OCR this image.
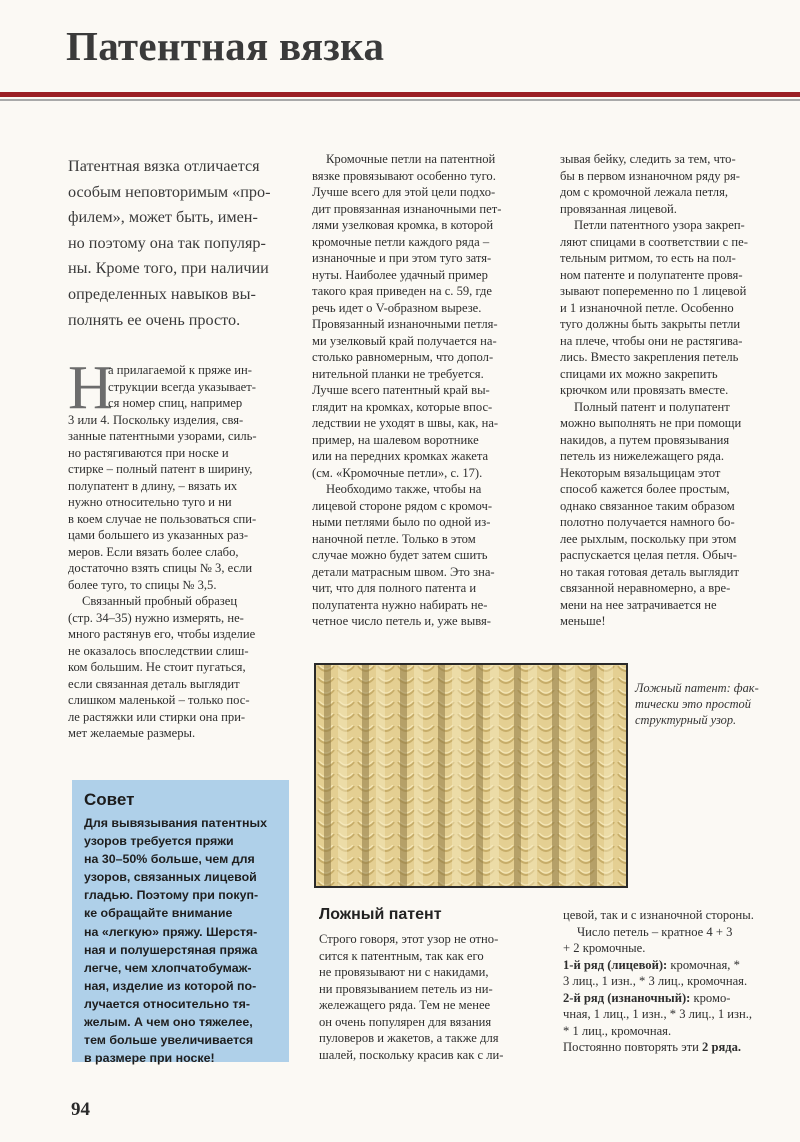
Патентная вязка

Патентная вязка отличается

особым неповторимым «про-

филем», может быть, имен-

но поэтому она так популяр-

ны. Кроме того, при наличии

определенных навыков вы-

полнять ее очень просто.

Н
а прилагаемой к пряже ин-
струкции всегда указывает-
ся номер спиц, например
3 или 4. Поскольку изделия, свя-
занные патентными узорами, силь-
но растягиваются при носке и
стирке – полный патент в ширину,
полупатент в длину, – вязать их
нужно относительно туго и ни
в коем случае не пользоваться спи-
цами большего из указанных раз-
меров. Если вязать более слабо,
достаточно взять спицы № 3, если
более туго, то спицы № 3,5.
Связанный пробный образец
(стр. 34–35) нужно измерять, не-
много растянув его, чтобы изделие
не оказалось впоследствии слиш-
ком большим. Не стоит пугаться,
если связанная деталь выглядит
слишком маленькой – только пос-
ле растяжки или стирки она при-
мет желаемые размеры.

Кромочные петли на патентной

вязке провязывают особенно туго.

Лучше всего для этой цели подхо-

дит провязанная изнаночными пет-

лями узелковая кромка, в которой

кромочные петли каждого ряда –

изнаночные и при этом туго затя-

нуты. Наиболее удачный пример

такого края приведен на с. 59, где

речь идет о V-образном вырезе.

Провязанный изнаночными петля-

ми узелковый край получается на-

столько равномерным, что допол-

нительной планки не требуется.

Лучше всего патентный край вы-

глядит на кромках, которые впос-

ледствии не уходят в швы, как, на-

пример, на шалевом воротнике

или на передних кромках жакета

(см. «Кромочные петли», с. 17).

Необходимо также, чтобы на

лицевой стороне рядом с кромоч-

ными петлями было по одной из-

наночной петле. Только в этом

случае можно будет затем сшить

детали матрасным швом. Это зна-

чит, что для полного патента и

полупатента нужно набирать не-

четное число петель и, уже вывя-

зывая бейку, следить за тем, что-

бы в первом изнаночном ряду ря-

дом с кромочной лежала петля,

провязанная лицевой.

Петли патентного узора закреп-

ляют спицами в соответствии с пе-

тельным ритмом, то есть на пол-

ном патенте и полупатенте провя-

зывают попеременно по 1 лицевой

и 1 изнаночной петле. Особенно

туго должны быть закрыты петли

на плече, чтобы они не растягива-

лись. Вместо закрепления петель

спицами их можно закрепить

крючком или провязать вместе.

Полный патент и полупатент

можно выполнять не при помощи

накидов, а путем провязывания

петель из нижележащего ряда.

Некоторым вязальщицам этот

способ кажется более простым,

однако связанное таким образом

полотно получается намного бо-

лее рыхлым, поскольку при этом

распускается целая петля. Обыч-

но такая готовая деталь выглядит

связанной неравномерно, а вре-

мени на нее затрачивается не

меньше!

Совет

Для вывязывания патентных

узоров требуется пряжи

на 30–50% больше, чем для

узоров, связанных лицевой

гладью. Поэтому при покуп-

ке обращайте внимание

на «легкую» пряжу. Шерстя-

ная и полушерстяная пряжа

легче, чем хлопчатобумаж-

ная, изделие из которой по-

лучается относительно тя-

желым. А чем оно тяжелее,

тем больше увеличивается

в размере при носке!

Ложный патент: фак-

тически это простой

структурный узор.

Ложный патент

Строго говоря, этот узор не отно-

сится к патентным, так как его

не провязывают ни с накидами,

ни провязыванием петель из ни-

жележащего ряда. Тем не менее

он очень популярен для вязания

пуловеров и жакетов, а также для

шалей, поскольку красив как с ли-

цевой, так и с изнаночной стороны.

Число петель – кратное 4 + 3

+ 2 кромочные.

1-й ряд (лицевой): кромочная, *

3 лиц., 1 изн., * 3 лиц., кромочная.

2-й ряд (изнаночный): кромо-

чная, 1 лиц., 1 изн., * 3 лиц., 1 изн.,

* 1 лиц., кромочная.

Постоянно повторять эти 2 ряда.

94
